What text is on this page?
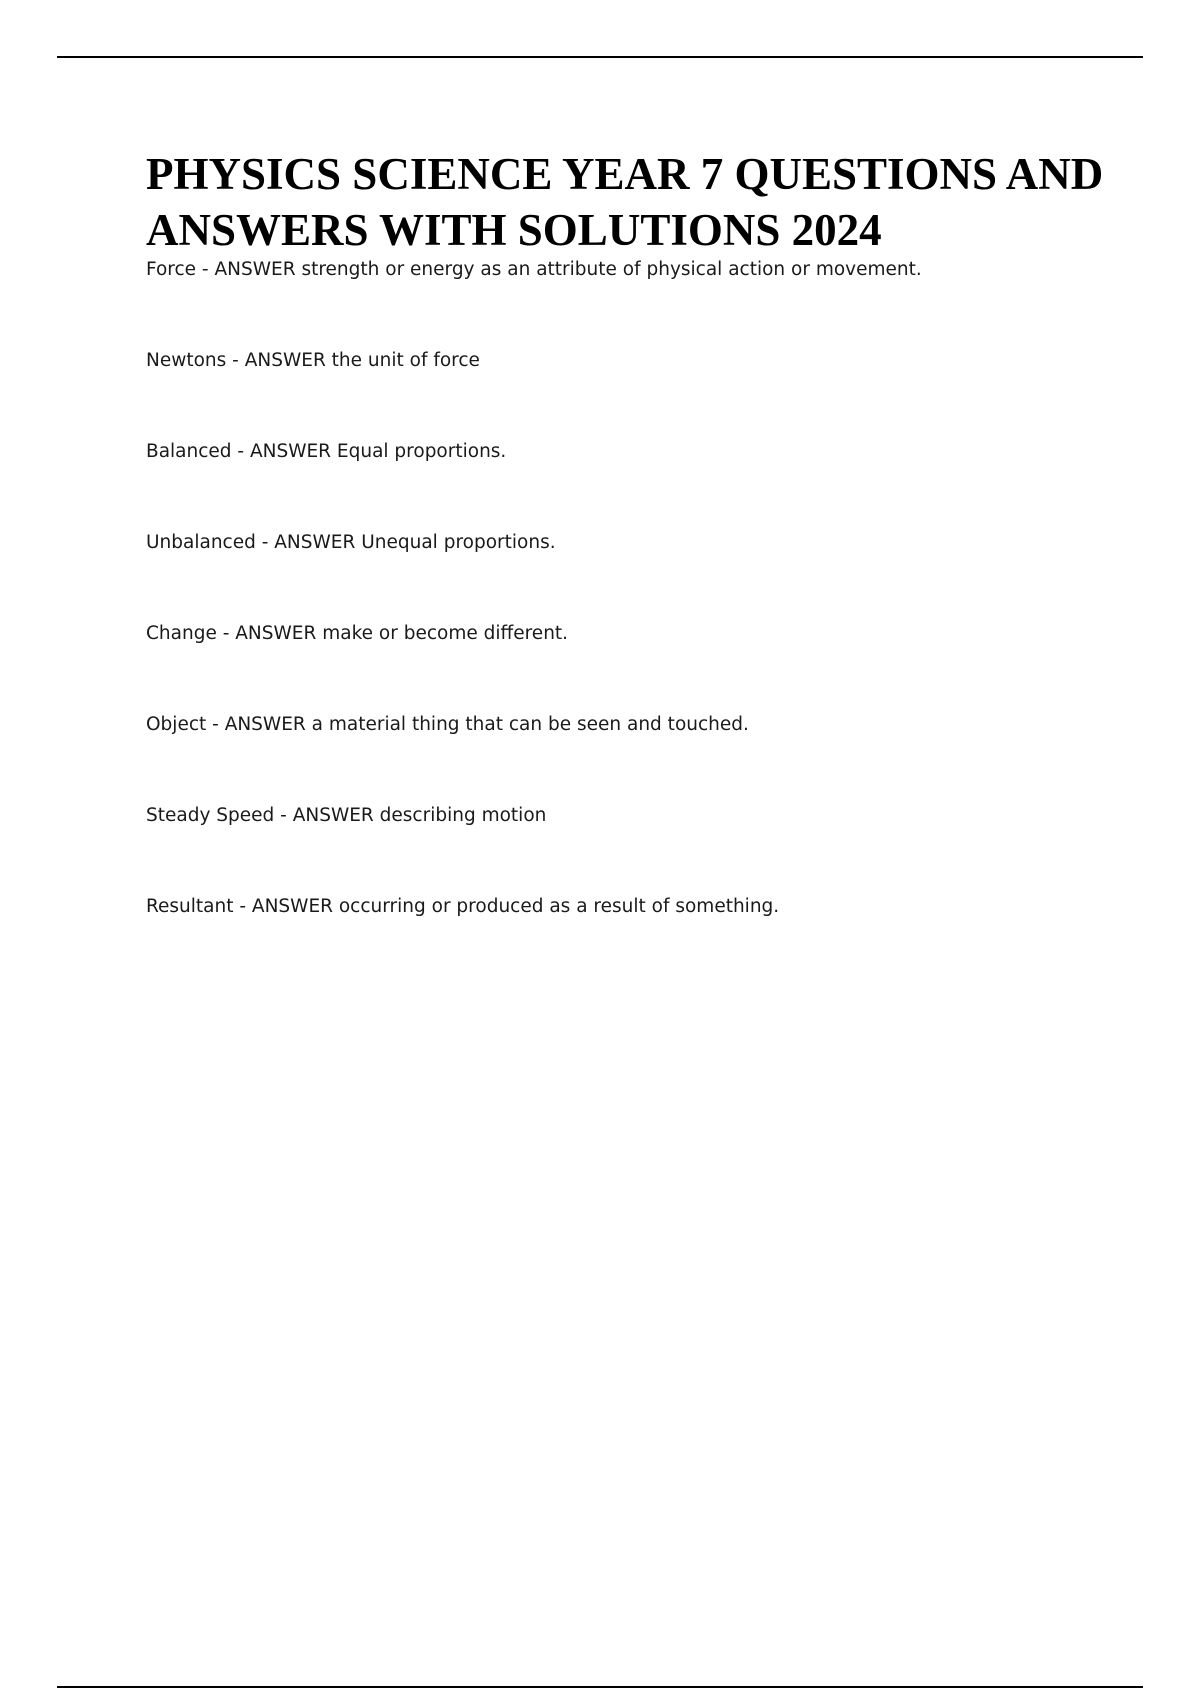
PHYSICS SCIENCE YEAR 7 QUESTIONS AND ANSWERS WITH SOLUTIONS 2024
Force - ANSWER strength or energy as an attribute of physical action or movement.
Newtons - ANSWER the unit of force
Balanced - ANSWER Equal proportions.
Unbalanced - ANSWER Unequal proportions.
Change - ANSWER make or become different.
Object - ANSWER a material thing that can be seen and touched.
Steady Speed - ANSWER describing motion
Resultant - ANSWER occurring or produced as a result of something.
